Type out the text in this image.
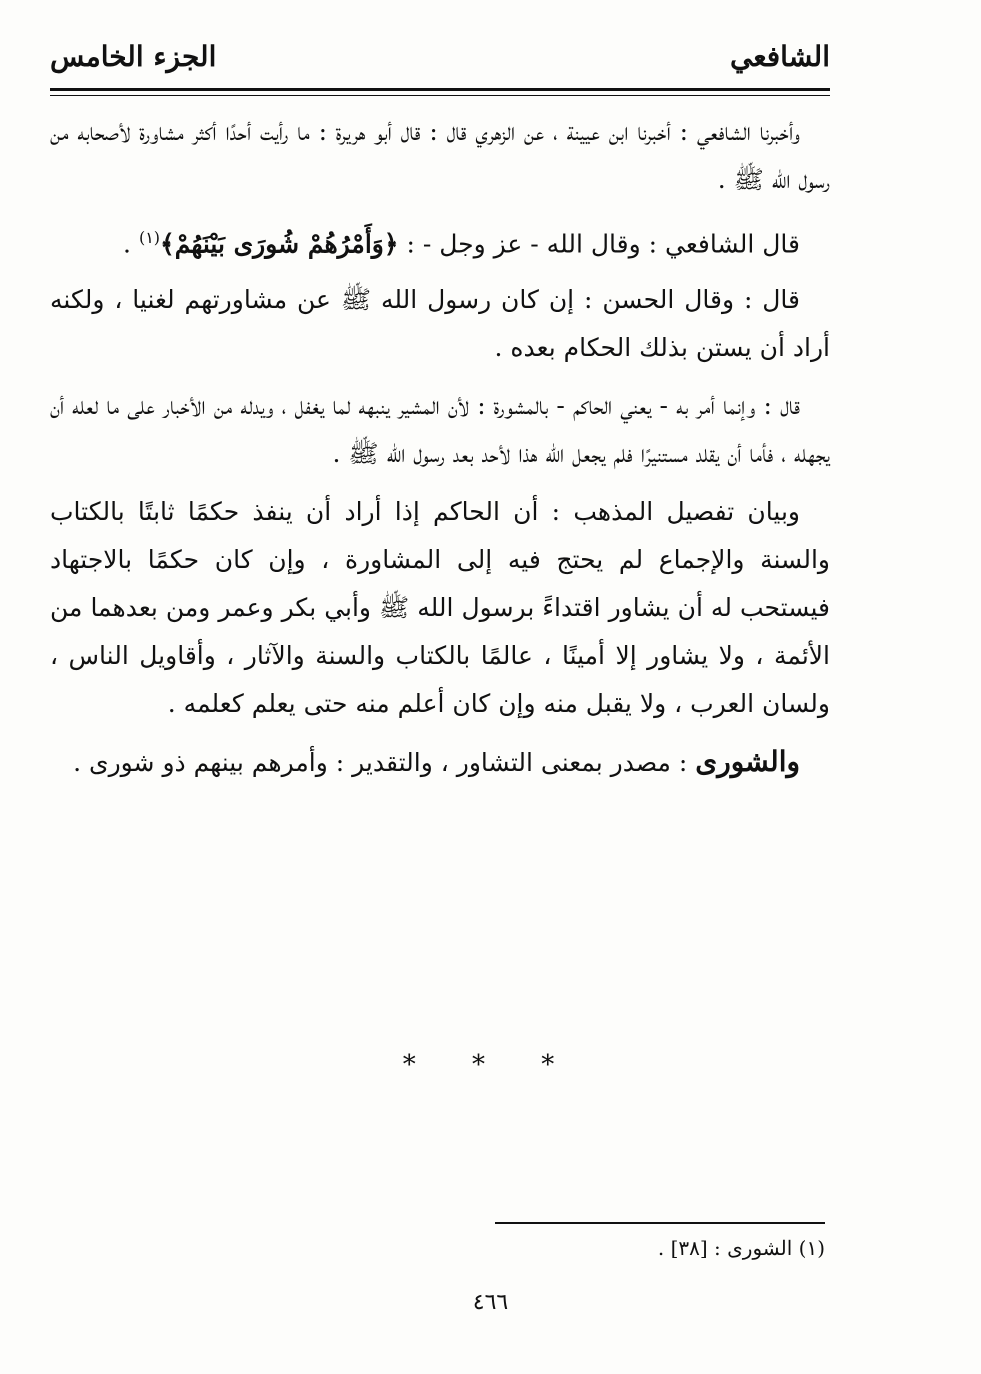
الشافعي
الجزء الخامس

وأخبرنا الشافعي : أخبرنا ابن عيينة ، عن الزهري قال : قال أبو هريرة : ما رأيت أحدًا أكثر مشاورة لأصحابه من رسول الله ﷺ .

قال الشافعي : وقال الله - عز وجل - : ﴿وَأَمْرُهُمْ شُورَى بَيْنَهُمْ﴾$^{(١)}$ .

قال : وقال الحسن : إن كان رسول الله ﷺ عن مشاورتهم لغنيا ، ولكنه أراد أن يستن بذلك الحكام بعده .

قال : وإنما أمر به - يعني الحاكم - بالمشورة : لأن المشير ينبهه لما يغفل ، ويدله من الأخبار على ما لعله أن يجهله ، فأما أن يقلد مستنيرًا فلم يجعل الله هذا لأحد بعد رسول الله ﷺ .

وبيان تفصيل المذهب : أن الحاكم إذا أراد أن ينفذ حكمًا ثابتًا بالكتاب والسنة والإجماع لم يحتج فيه إلى المشاورة ، وإن كان حكمًا بالاجتهاد فيستحب له أن يشاور اقتداءً برسول الله ﷺ وأبي بكر وعمر ومن بعدهما من الأئمة ، ولا يشاور إلا أمينًا ، عالمًا بالكتاب والسنة والآثار ، وأقاويل الناس ، ولسان العرب ، ولا يقبل منه وإن كان أعلم منه حتى يعلم كعلمه .

والشورى : مصدر بمعنى التشاور ، والتقدير : وأمرهم بينهم ذو شورى .

* * *
(١) الشورى : [٣٨] .
٤٦٦
